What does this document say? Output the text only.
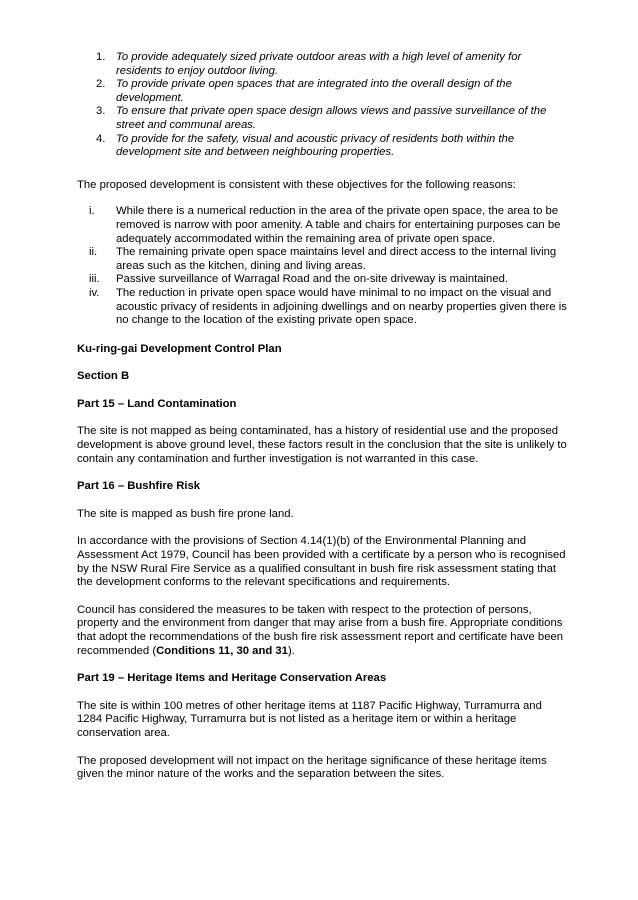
1. To provide adequately sized private outdoor areas with a high level of amenity for residents to enjoy outdoor living.
2. To provide private open spaces that are integrated into the overall design of the development.
3. To ensure that private open space design allows views and passive surveillance of the street and communal areas.
4. To provide for the safety, visual and acoustic privacy of residents both within the development site and between neighbouring properties.

The proposed development is consistent with these objectives for the following reasons:

i. While there is a numerical reduction in the area of the private open space, the area to be removed is narrow with poor amenity. A table and chairs for entertaining purposes can be adequately accommodated within the remaining area of private open space.
ii. The remaining private open space maintains level and direct access to the internal living areas such as the kitchen, dining and living areas.
iii. Passive surveillance of Warragal Road and the on-site driveway is maintained.
iv. The reduction in private open space would have minimal to no impact on the visual and acoustic privacy of residents in adjoining dwellings and on nearby properties given there is no change to the location of the existing private open space.

Ku-ring-gai Development Control Plan

Section B

Part 15 – Land Contamination

The site is not mapped as being contaminated, has a history of residential use and the proposed development is above ground level, these factors result in the conclusion that the site is unlikely to contain any contamination and further investigation is not warranted in this case.

Part 16 – Bushfire Risk

The site is mapped as bush fire prone land.

In accordance with the provisions of Section 4.14(1)(b) of the Environmental Planning and Assessment Act 1979, Council has been provided with a certificate by a person who is recognised by the NSW Rural Fire Service as a qualified consultant in bush fire risk assessment stating that the development conforms to the relevant specifications and requirements.

Council has considered the measures to be taken with respect to the protection of persons, property and the environment from danger that may arise from a bush fire. Appropriate conditions that adopt the recommendations of the bush fire risk assessment report and certificate have been recommended (Conditions 11, 30 and 31).

Part 19 – Heritage Items and Heritage Conservation Areas

The site is within 100 metres of other heritage items at 1187 Pacific Highway, Turramurra and 1284 Pacific Highway, Turramurra but is not listed as a heritage item or within a heritage conservation area.

The proposed development will not impact on the heritage significance of these heritage items given the minor nature of the works and the separation between the sites.
